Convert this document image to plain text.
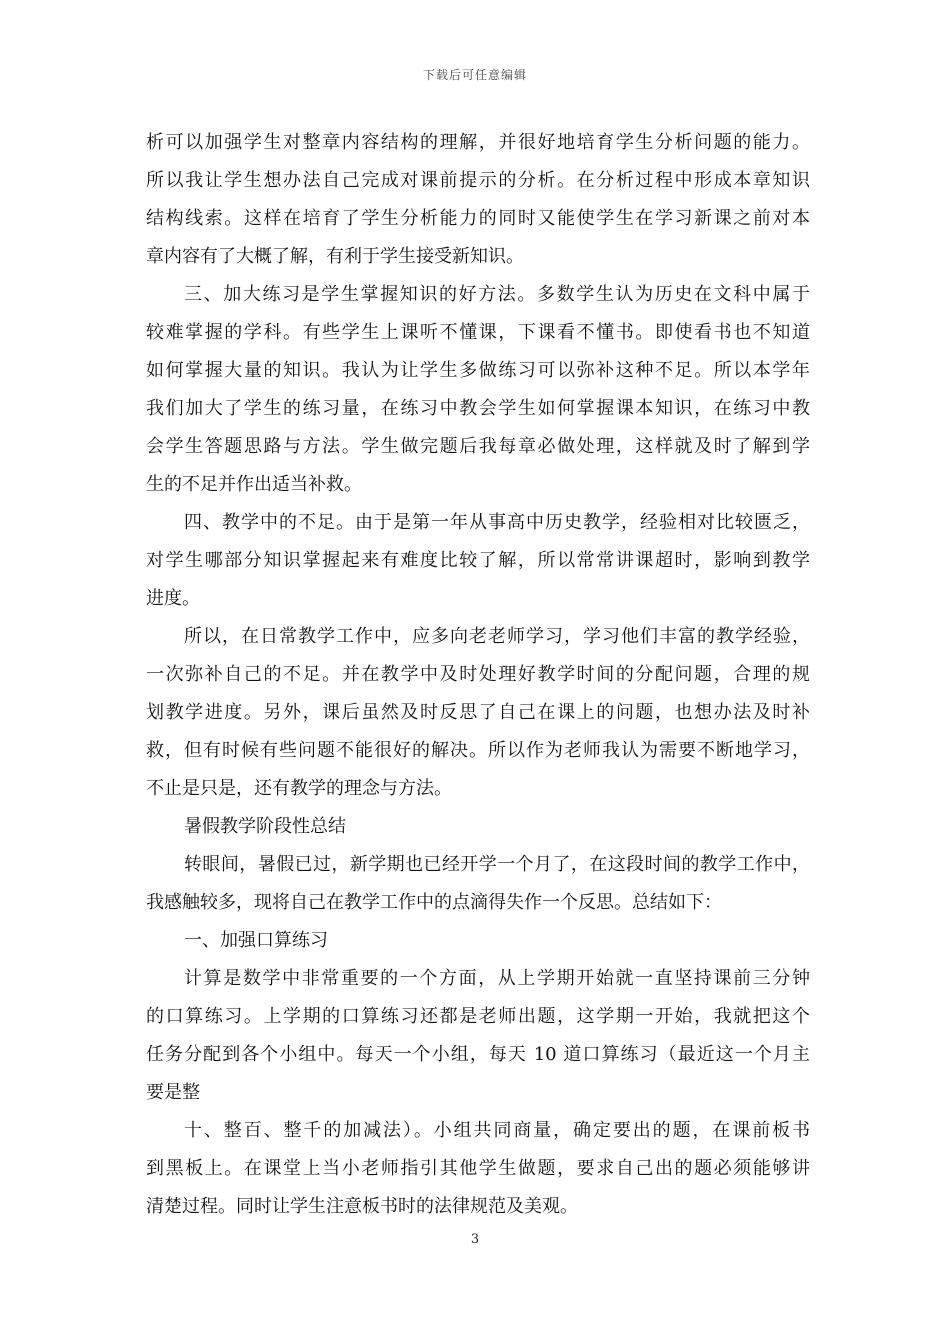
下载后可任意编辑
析可以加强学生对整章内容结构的理解，并很好地培育学生分析问题的能力。
所以我让学生想办法自己完成对课前提示的分析。在分析过程中形成本章知识
结构线索。这样在培育了学生分析能力的同时又能使学生在学习新课之前对本
章内容有了大概了解，有利于学生接受新知识。
三、加大练习是学生掌握知识的好方法。多数学生认为历史在文科中属于
较难掌握的学科。有些学生上课听不懂课，下课看不懂书。即使看书也不知道
如何掌握大量的知识。我认为让学生多做练习可以弥补这种不足。所以本学年
我们加大了学生的练习量，在练习中教会学生如何掌握课本知识，在练习中教
会学生答题思路与方法。学生做完题后我每章必做处理，这样就及时了解到学
生的不足并作出适当补救。
四、教学中的不足。由于是第一年从事高中历史教学，经验相对比较匮乏，
对学生哪部分知识掌握起来有难度比较了解，所以常常讲课超时，影响到教学
进度。
所以，在日常教学工作中，应多向老老师学习，学习他们丰富的教学经验，
一次弥补自己的不足。并在教学中及时处理好教学时间的分配问题，合理的规
划教学进度。另外，课后虽然及时反思了自己在课上的问题，也想办法及时补
救，但有时候有些问题不能很好的解决。所以作为老师我认为需要不断地学习，
不止是只是，还有教学的理念与方法。
暑假教学阶段性总结
转眼间，暑假已过，新学期也已经开学一个月了，在这段时间的教学工作中，
我感触较多，现将自己在教学工作中的点滴得失作一个反思。总结如下：
一、加强口算练习
计算是数学中非常重要的一个方面，从上学期开始就一直坚持课前三分钟
的口算练习。上学期的口算练习还都是老师出题，这学期一开始，我就把这个
任务分配到各个小组中。每天一个小组，每天 10 道口算练习（最近这一个月主
要是整
十、整百、整千的加减法）。小组共同商量，确定要出的题，在课前板书
到黑板上。在课堂上当小老师指引其他学生做题，要求自己出的题必须能够讲
清楚过程。同时让学生注意板书时的法律规范及美观。
3
